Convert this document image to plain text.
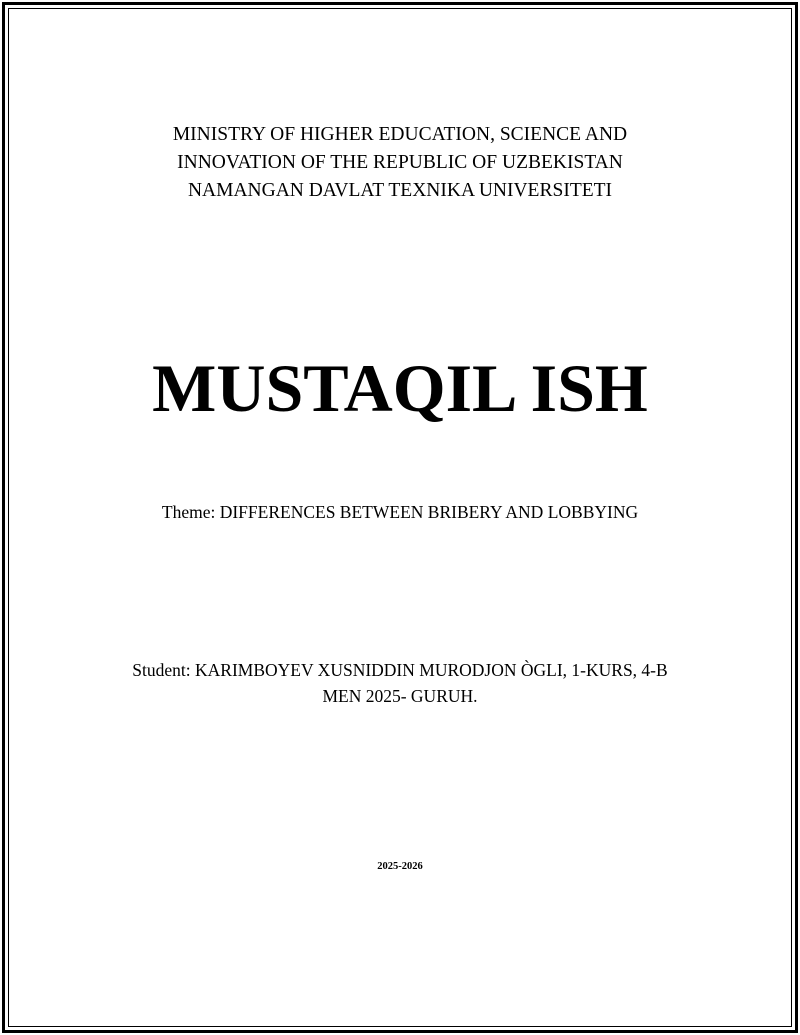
MINISTRY OF HIGHER EDUCATION, SCIENCE AND
INNOVATION OF THE REPUBLIC OF UZBEKISTAN
NAMANGAN DAVLAT TEXNIKA UNIVERSITETI
MUSTAQIL ISH
Theme: DIFFERENCES BETWEEN BRIBERY AND LOBBYING
Student: KARIMBOYEV XUSNIDDIN MURODJON ÒGLI, 1-KURS, 4-B
MEN 2025- GURUH.
2025-2026
